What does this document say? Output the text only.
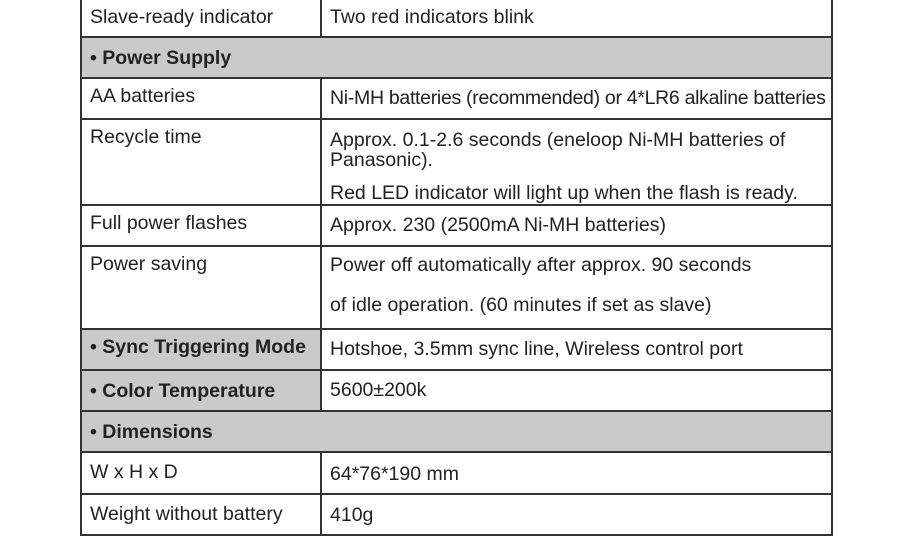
Slave-ready indicator	Two red indicators blink

• Power Supply	

AA batteries	Ni-MH batteries (recommended) or 4*LR6 alkaline batteries

Recycle time	Approx. 0.1-2.6 seconds (eneloop Ni-MH batteries of Panasonic).
Red LED indicator will light up when the flash is ready.

Full power flashes	Approx. 230 (2500mA Ni-MH batteries)

Power saving	Power off automatically after approx. 90 seconds
of idle operation. (60 minutes if set as slave)

• Sync Triggering Mode	Hotshoe, 3.5mm sync line, Wireless control port

• Color Temperature	5600±200k

• Dimensions	

W x H x D	64*76*190 mm

Weight without battery	410g
